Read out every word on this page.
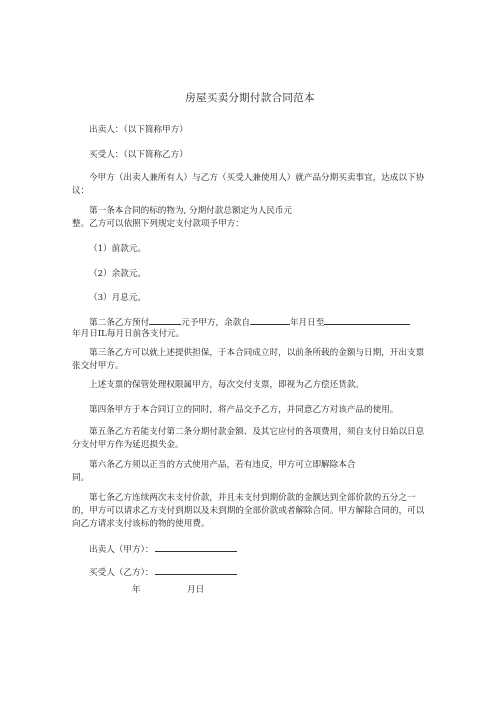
房屋买卖分期付款合同范本
出卖人：（以下简称甲方）
买受人：（以下简称乙方）
今甲方（出卖人兼所有人）与乙方（买受人兼使用人）就产品分期买卖事宜，达成以下协议：
第一条本合同的标的物为, 分期付款总额定为人民币元
整。乙方可以依照下列规定支付款项予甲方：
（1）前款元。
（2）余款元。
（3）月息元。
第二条乙方预付	元予甲方，余款自	年月日至
年月日IL每月日前各支付元。
第三条乙方可以就上述提供担保，于本合同成立时，以前条所载的金额与日期，开出支票张交付甲方。
上述支票的保管处理权限属甲方，每次交付支票，即视为乙方偿还货款。
第四条甲方于本合同订立的同时，将产品交予乙方，并同意乙方对该产品的使用。
第五条乙方若能支付第二条分期付款金额、及其它应付的各项费用，须自支付日始以日息分支付甲方作为延迟损失金。
第六条乙方须以正当的方式使用产品，若有违反，甲方可立即解除本合
同。
第七条乙方连续两次未支付价款，并且未支付到期价款的金额达到全部价款的五分之一的，甲方可以请求乙方支付到期以及未到期的全部价款或者解除合同。甲方解除合同的，可以向乙方请求支付该标的物的使用费。
出卖人（甲方）：
买受人（乙方）：
年	月日
